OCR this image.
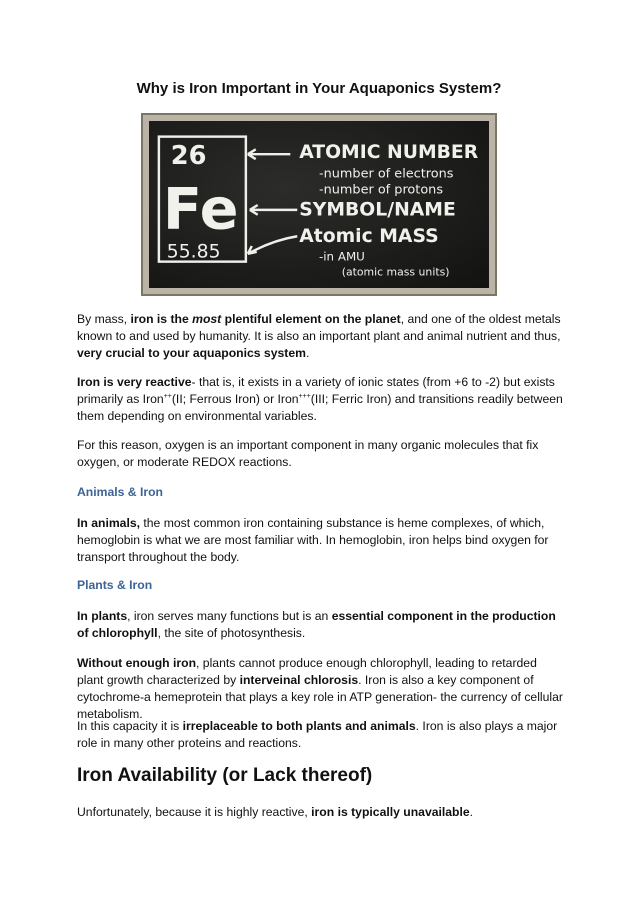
Why is Iron Important in Your Aquaponics System?
26
Fe
55.85
ATOMIC NUMBER
-number of electrons
-number of protons
SYMBOL/NAME
Atomic MASS
-in AMU
(atomic mass units)

By mass, iron is the most plentiful element on the planet, and one of the oldest metals known to and used by humanity. It is also an important plant and animal nutrient and thus, very crucial to your aquaponics system.

Iron is very reactive- that is, it exists in a variety of ionic states (from +6 to -2) but exists primarily as Iron++(II; Ferrous Iron) or Iron+++(III; Ferric Iron) and transitions readily between them depending on environmental variables.

For this reason, oxygen is an important component in many organic molecules that fix oxygen, or moderate REDOX reactions.

Animals & Iron

In animals, the most common iron containing substance is heme complexes, of which, hemoglobin is what we are most familiar with. In hemoglobin, iron helps bind oxygen for transport throughout the body.

Plants & Iron

In plants, iron serves many functions but is an essential component in the production of chlorophyll, the site of photosynthesis.

Without enough iron, plants cannot produce enough chlorophyll, leading to retarded plant growth characterized by interveinal chlorosis. Iron is also a key component of cytochrome-a hemeprotein that plays a key role in ATP generation- the currency of cellular metabolism.

In this capacity it is irreplaceable to both plants and animals. Iron is also plays a major role in many other proteins and reactions.

Iron Availability (or Lack thereof)

Unfortunately, because it is highly reactive, iron is typically unavailable.
